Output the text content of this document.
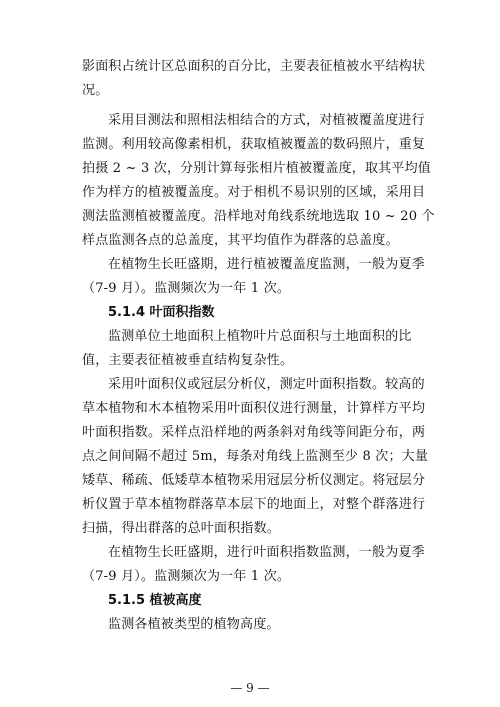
影面积占统计区总面积的百分比，主要表征植被水平结构状
况。
采用目测法和照相法相结合的方式，对植被覆盖度进行
监测。利用较高像素相机，获取植被覆盖的数码照片，重复
拍摄 2 ~ 3 次，分别计算每张相片植被覆盖度，取其平均值
作为样方的植被覆盖度。对于相机不易识别的区域，采用目
测法监测植被覆盖度。沿样地对角线系统地选取 10 ~ 20 个
样点监测各点的总盖度，其平均值作为群落的总盖度。
在植物生长旺盛期，进行植被覆盖度监测，一般为夏季
（7-9 月）。监测频次为一年 1 次。
5.1.4 叶面积指数
监测单位土地面积上植物叶片总面积与土地面积的比
值，主要表征植被垂直结构复杂性。
采用叶面积仪或冠层分析仪，测定叶面积指数。较高的
草本植物和木本植物采用叶面积仪进行测量，计算样方平均
叶面积指数。采样点沿样地的两条斜对角线等间距分布，两
点之间间隔不超过 5m，每条对角线上监测至少 8 次；大量
矮草、稀疏、低矮草本植物采用冠层分析仪测定。将冠层分
析仪置于草本植物群落草本层下的地面上，对整个群落进行
扫描，得出群落的总叶面积指数。
在植物生长旺盛期，进行叶面积指数监测，一般为夏季
（7-9 月）。监测频次为一年 1 次。
5.1.5 植被高度
监测各植被类型的植物高度。
— 9 —
